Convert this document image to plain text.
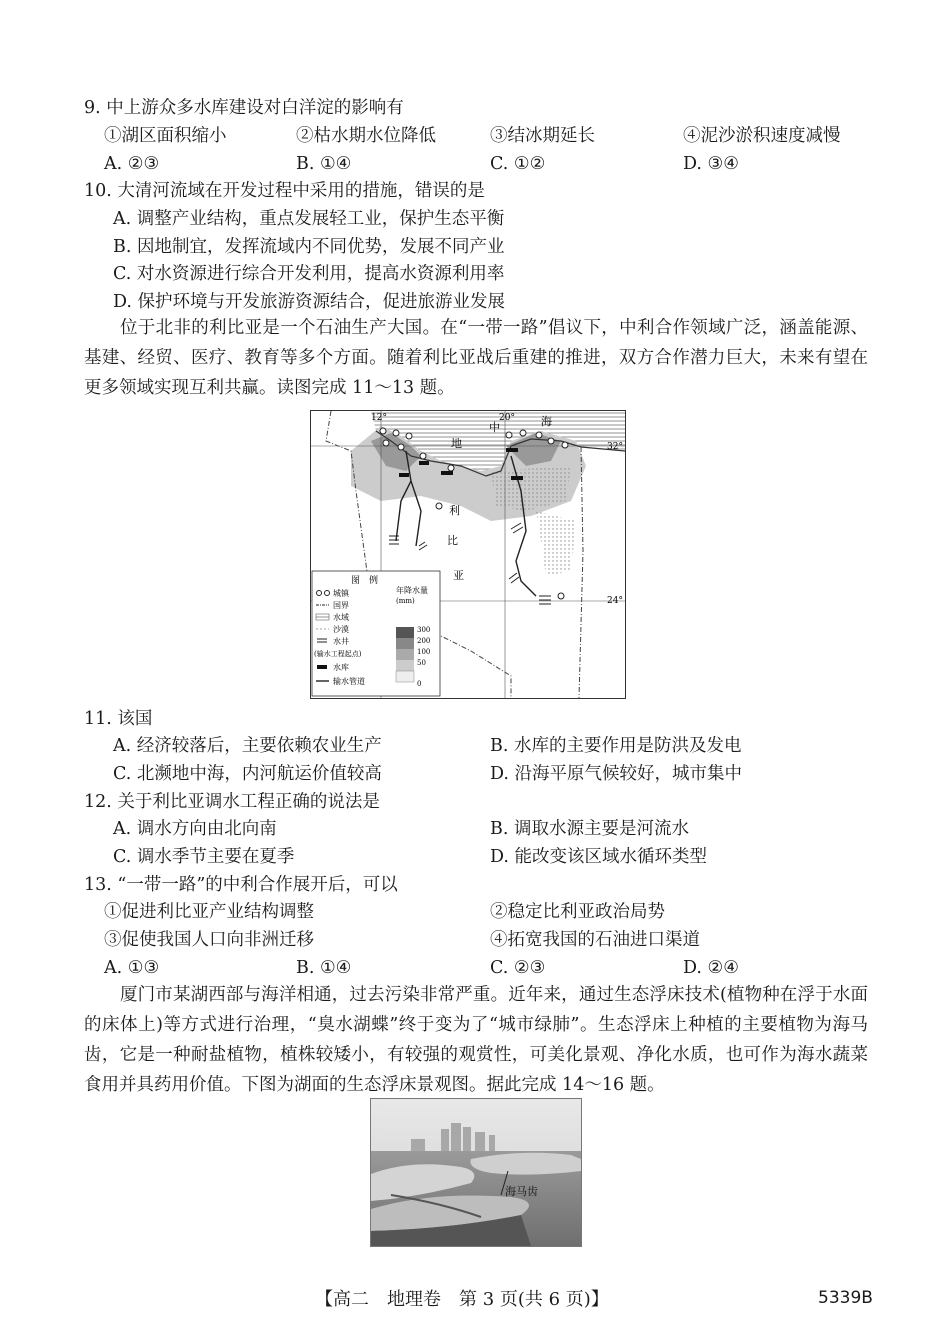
9. 中上游众多水库建设对白洋淀的影响有
①湖区面积缩小	②枯水期水位降低	③结冰期延长	④泥沙淤积速度减慢
A. ②③	B. ①④	C. ①②	D. ③④
10. 大清河流域在开发过程中采用的措施，错误的是
A. 调整产业结构，重点发展轻工业，保护生态平衡
B. 因地制宜，发挥流域内不同优势，发展不同产业
C. 对水资源进行综合开发利用，提高水资源利用率
D. 保护环境与开发旅游资源结合，促进旅游业发展
位于北非的利比亚是一个石油生产大国。在“一带一路”倡议下，中利合作领域广泛，涵盖能源、基建、经贸、医疗、教育等多个方面。随着利比亚战后重建的推进，双方合作潜力巨大，未来有望在更多领域实现互利共赢。读图完成 11～13 题。
12°	20°
32°
24°
地
中	海
利
比
亚
图　例
城镇
国界
水域
沙漠
水井
(输水工程起点)
水库
输水管道
年降水量
(mm)
300
200
100
50
0
11. 该国
A. 经济较落后，主要依赖农业生产	B. 水库的主要作用是防洪及发电
C. 北濒地中海，内河航运价值较高	D. 沿海平原气候较好，城市集中
12. 关于利比亚调水工程正确的说法是
A. 调水方向由北向南	B. 调取水源主要是河流水
C. 调水季节主要在夏季	D. 能改变该区域水循环类型
13. “一带一路”的中利合作展开后，可以
①促进利比亚产业结构调整	②稳定比利亚政治局势
③促使我国人口向非洲迁移	④拓宽我国的石油进口渠道
A. ①③	B. ①④	C. ②③	D. ②④
厦门市某湖西部与海洋相通，过去污染非常严重。近年来，通过生态浮床技术(植物种在浮于水面的床体上)等方式进行治理，“臭水湖蝶”终于变为了“城市绿肺”。生态浮床上种植的主要植物为海马齿，它是一种耐盐植物，植株较矮小，有较强的观赏性，可美化景观、净化水质，也可作为海水蔬菜食用并具药用价值。下图为湖面的生态浮床景观图。据此完成 14～16 题。
海马齿
【高二　地理卷　第 3 页(共 6 页)】	5339B
